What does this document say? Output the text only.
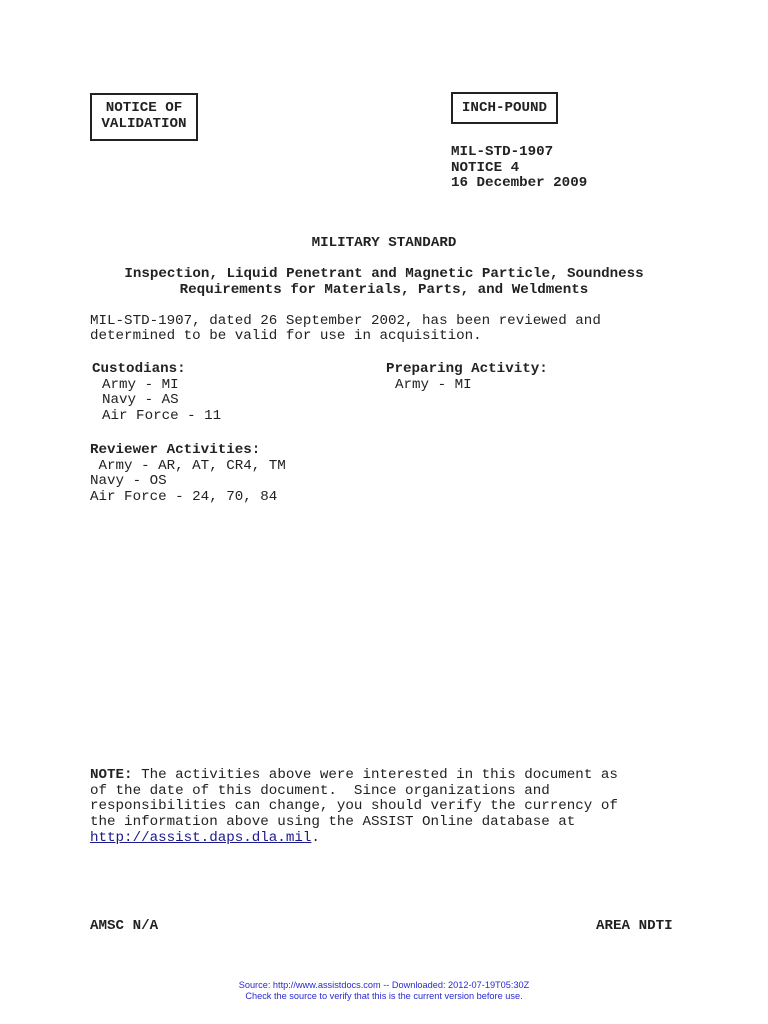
NOTICE OF
VALIDATION
INCH-POUND
MIL-STD-1907
NOTICE 4
16 December 2009
MILITARY STANDARD
Inspection, Liquid Penetrant and Magnetic Particle, Soundness
Requirements for Materials, Parts, and Weldments
MIL-STD-1907, dated 26 September 2002, has been reviewed and
determined to be valid for use in acquisition.
Custodians:
Army - MI
Navy - AS
Air Force - 11
Preparing Activity:
Army - MI
Reviewer Activities:
Army - AR, AT, CR4, TM
Navy - OS
Air Force - 24, 70, 84
NOTE: The activities above were interested in this document as
of the date of this document.  Since organizations and
responsibilities can change, you should verify the currency of
the information above using the ASSIST Online database at
http://assist.daps.dla.mil.
AMSC N/A	AREA NDTI
Source: http://www.assistdocs.com -- Downloaded: 2012-07-19T05:30Z
Check the source to verify that this is the current version before use.
